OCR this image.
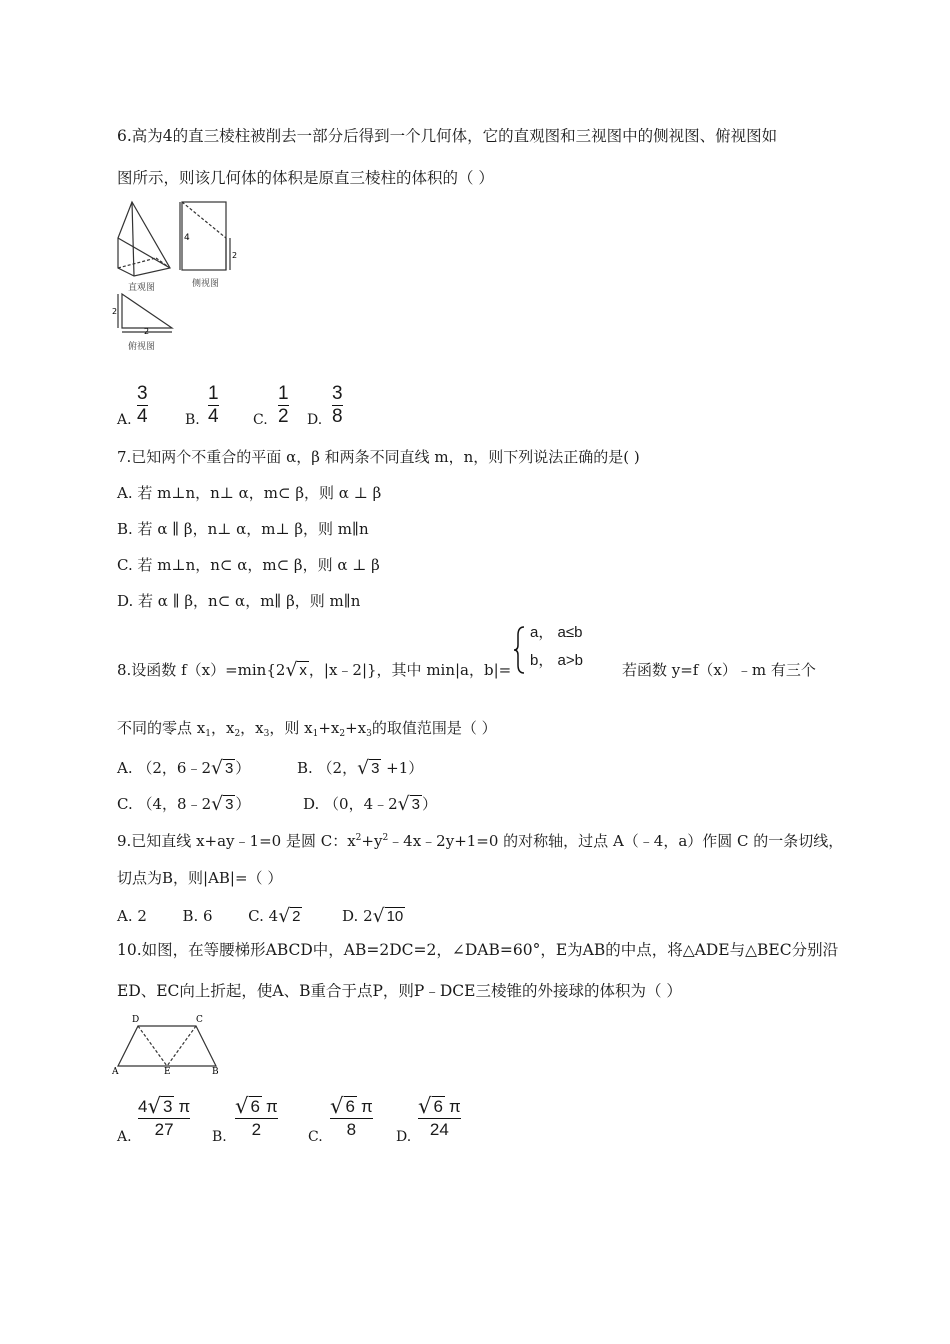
6.高为4的直三棱柱被削去一部分后得到一个几何体，它的直观图和三视图中的侧视图、俯视图如
图所示，则该几何体的体积是原直三棱柱的体积的（ ）
直观图
4
2
侧视图
2
2
俯视图
A.
3
4	B.
1
4 C.
1
2 D.
3
8
7.已知两个不重合的平面 α，β 和两条不同直线 m，n，则下列说法正确的是( )
A. 若 m⊥n，n⊥ α，m⊂ β，则 α ⊥ β
B. 若 α ∥ β，n⊥ α，m⊥ β，则 m∥n
C. 若 m⊥n，n⊂ α，m⊂ β，则 α ⊥ β
D. 若 α ∥ β，n⊂ α，m∥ β，则 m∥n
8.设函数 f（x）=min{2√ x ，|x﹣2|}，其中 min|a，b|=
a， a≤b
b， a>b
若函数 y=f（x）﹣m 有三个
不同的零点 $x_1$，$x_2$，$x_3$，则 $x_1+x_2+x_3$的取值范围是（ ）
A. （2，6﹣2√ 3 ）	B. （2，√ 3 +1）
C. （4，8﹣2√ 3 ）	D. （0，4﹣2√ 3 ）
9.已知直线 x+ay﹣1=0 是圆 C：$x^2+y^2﹣4x﹣2y+1=0$ 的对称轴，过点 A（﹣4，a）作圆 C 的一条切线，
切点为B，则|AB|=（ ）
A. 2 B. 6 C. 4√ 2	D. 2√ 10
10.如图，在等腰梯形ABCD中，AB=2DC=2，∠DAB=60°，E为AB的中点，将△ADE与△BEC分别沿
ED、EC向上折起，使A、B重合于点P，则P﹣DCE三棱锥的外接球的体积为（ ）
D	C
A	E	B
A.
4√ 3 π
27	B.
√ 6 π
2	C.
√ 6 π
8	D.
√ 6 π
24
